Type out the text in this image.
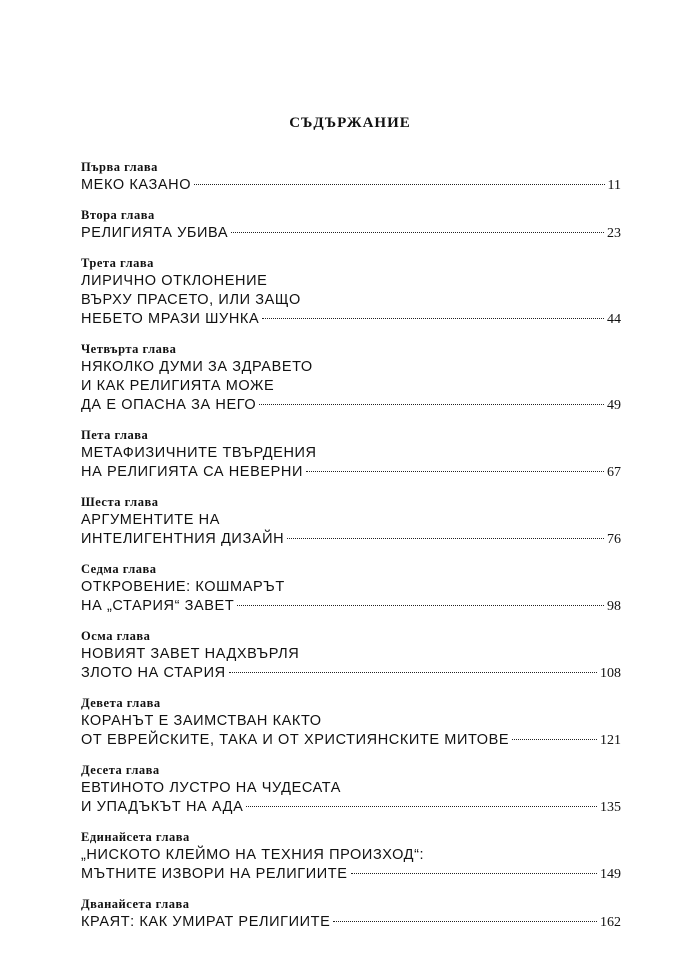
СЪДЪРЖАНИЕ
Първа глава
МЕКО КАЗАНО	11
Втора глава
РЕЛИГИЯТА УБИВА	23
Трета глава
ЛИРИЧНО ОТКЛОНЕНИЕ
ВЪРХУ ПРАСЕТО, ИЛИ ЗАЩО
НЕБЕТО МРАЗИ ШУНКА	44
Четвърта глава
НЯКОЛКО ДУМИ ЗА ЗДРАВЕТО
И КАК РЕЛИГИЯТА МОЖЕ
ДА Е ОПАСНА ЗА НЕГО	49
Пета глава
МЕТАФИЗИЧНИТЕ ТВЪРДЕНИЯ
НА РЕЛИГИЯТА СА НЕВЕРНИ	67
Шеста глава
АРГУМЕНТИТЕ НА
ИНТЕЛИГЕНТНИЯ ДИЗАЙН	76
Седма глава
ОТКРОВЕНИЕ: КОШМАРЪТ
НА „СТАРИЯ“ ЗАВЕТ	98
Осма глава
НОВИЯТ ЗАВЕТ НАДХВЪРЛЯ
ЗЛОТО НА СТАРИЯ	108
Девета глава
КОРАНЪТ Е ЗАИМСТВАН КАКТО
ОТ ЕВРЕЙСКИТЕ, ТАКА И ОТ ХРИСТИЯНСКИТЕ МИТОВЕ	121
Десета глава
ЕВТИНОТО ЛУСТРО НА ЧУДЕСАТА
И УПАДЪКЪТ НА АДА	135
Единайсета глава
„НИСКОТО КЛЕЙМО НА ТЕХНИЯ ПРОИЗХОД“:
МЪТНИТЕ ИЗВОРИ НА РЕЛИГИИТЕ	149
Дванайсета глава
КРАЯТ: КАК УМИРАТ РЕЛИГИИТЕ	162
